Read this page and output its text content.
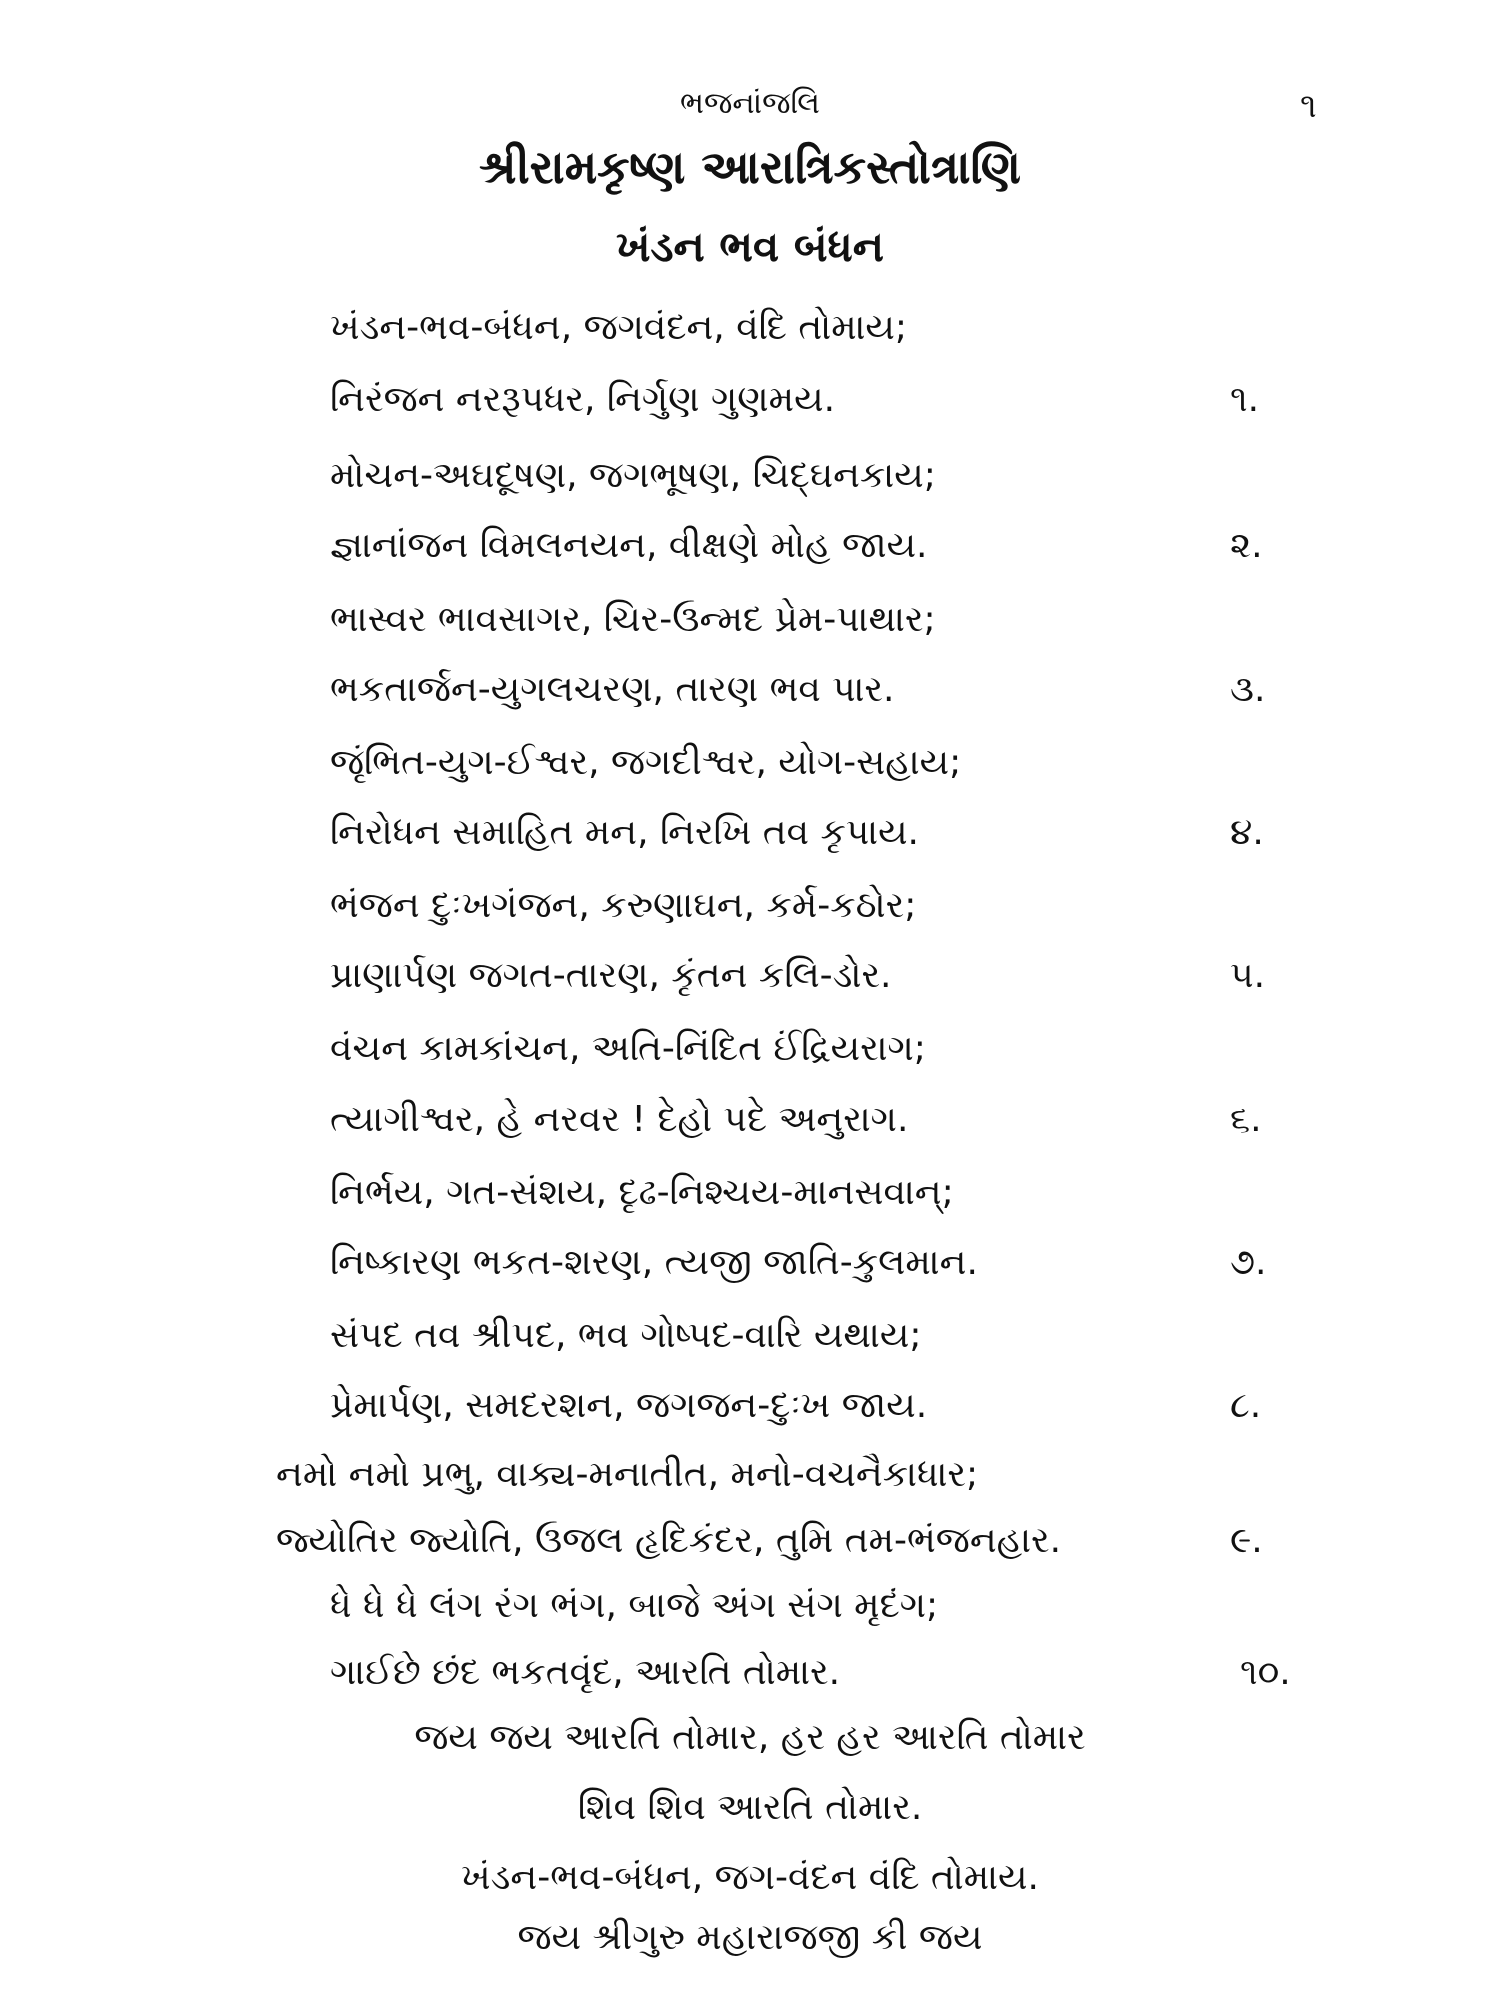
ભજનાંજલિ	૧
શ્રીરામકૃષ્ણ આરાત્રિકસ્તોત્રાણિ
ખંડન ભવ બંધન
ખંડન-ભવ-બંધન, જગવંદન, વંદિ તોમાય;
નિરંજન નરરૂપધર, નિર્ગુણ ગુણમય.	૧.
મોચન-અઘદૂષણ, જગભૂષણ, ચિદ્ઘનકાય;
જ્ઞાનાંજન વિમલનયન, વીક્ષણે મોહ જાય.	૨.
ભાસ્વર ભાવસાગર, ચિર-ઉન્મદ પ્રેમ-પાથાર;
ભકતાર્જન-યુગલચરણ, તારણ ભવ પાર.	૩.
જૃંભિત-યુગ-ઈશ્વર, જગદીશ્વર, યોગ-સહાય;
નિરોધન સમાહિત મન, નિરખિ તવ કૃપાય.	૪.
ભંજન દુઃખગંજન, કરુણાઘન, કર્મ-કઠોર;
પ્રાણાર્પણ જગત-તારણ, કૃંતન કલિ-ડોર.	૫.
વંચન કામકાંચન, અતિ-નિંદિત ઈંદ્રિયરાગ;
ત્યાગીશ્વર, હે નરવર ! દેહો પદે અનુરાગ.	૬.
નિર્ભય, ગત-સંશય, દૃઢ-નિશ્ચય-માનસવાન્;
નિષ્કારણ ભકત-શરણ, ત્યજી જાતિ-કુલમાન.	૭.
સંપદ તવ શ્રીપદ, ભવ ગોષ્પદ-વારિ યથાય;
પ્રેમાર્પણ, સમદરશન, જગજન-દુઃખ જાય.	૮.
નમો નમો પ્રભુ, વાક્ય-મનાતીત, મનો-વચનૈકાધાર;
જ્યોતિર જ્યોતિ, ઉજલ હૃદિકંદર, તુમિ તમ-ભંજનહાર.	૯.
ધે ધે ધે લંગ રંગ ભંગ, બાજે અંગ સંગ મૃદંગ;
ગાઈછે છંદ ભકતવૃંદ, આરતિ તોમાર.	૧૦.
જય જય આરતિ તોમાર, હર હર આરતિ તોમાર
શિવ શિવ આરતિ તોમાર.
ખંડન-ભવ-બંધન, જગ-વંદન વંદિ તોમાય.
જય શ્રીગુરુ મહારાજજી કી જય
